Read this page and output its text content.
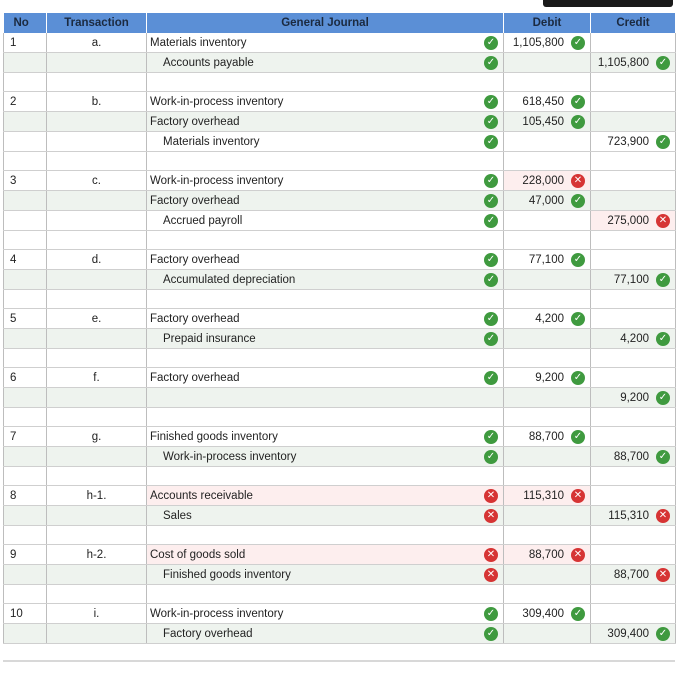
No	Transaction	General Journal	Debit	Credit
1	a.	Materials inventory ✓	1,105,800 ✓	

		Accounts payable ✓		1,105,800 ✓

2	b.	Work-in-process inventory ✓	618,450 ✓	

		Factory overhead ✓	105,450 ✓	

		Materials inventory ✓		723,900 ✓

3	c.	Work-in-process inventory ✓	228,000 ✕	

		Factory overhead ✓	47,000 ✓	

		Accrued payroll ✓		275,000 ✕

4	d.	Factory overhead ✓	77,100 ✓	

		Accumulated depreciation ✓		77,100 ✓

5	e.	Factory overhead ✓	4,200 ✓	

		Prepaid insurance ✓		4,200 ✓

6	f.	Factory overhead ✓	9,200 ✓	

				9,200 ✓

7	g.	Finished goods inventory ✓	88,700 ✓	

		Work-in-process inventory ✓		88,700 ✓

8	h-1.	Accounts receivable ✕	115,310 ✕	

		Sales ✕		115,310 ✕

9	h-2.	Cost of goods sold ✕	88,700 ✕	

		Finished goods inventory ✕		88,700 ✕

10	i.	Work-in-process inventory ✓	309,400 ✓	

		Factory overhead ✓		309,400 ✓
